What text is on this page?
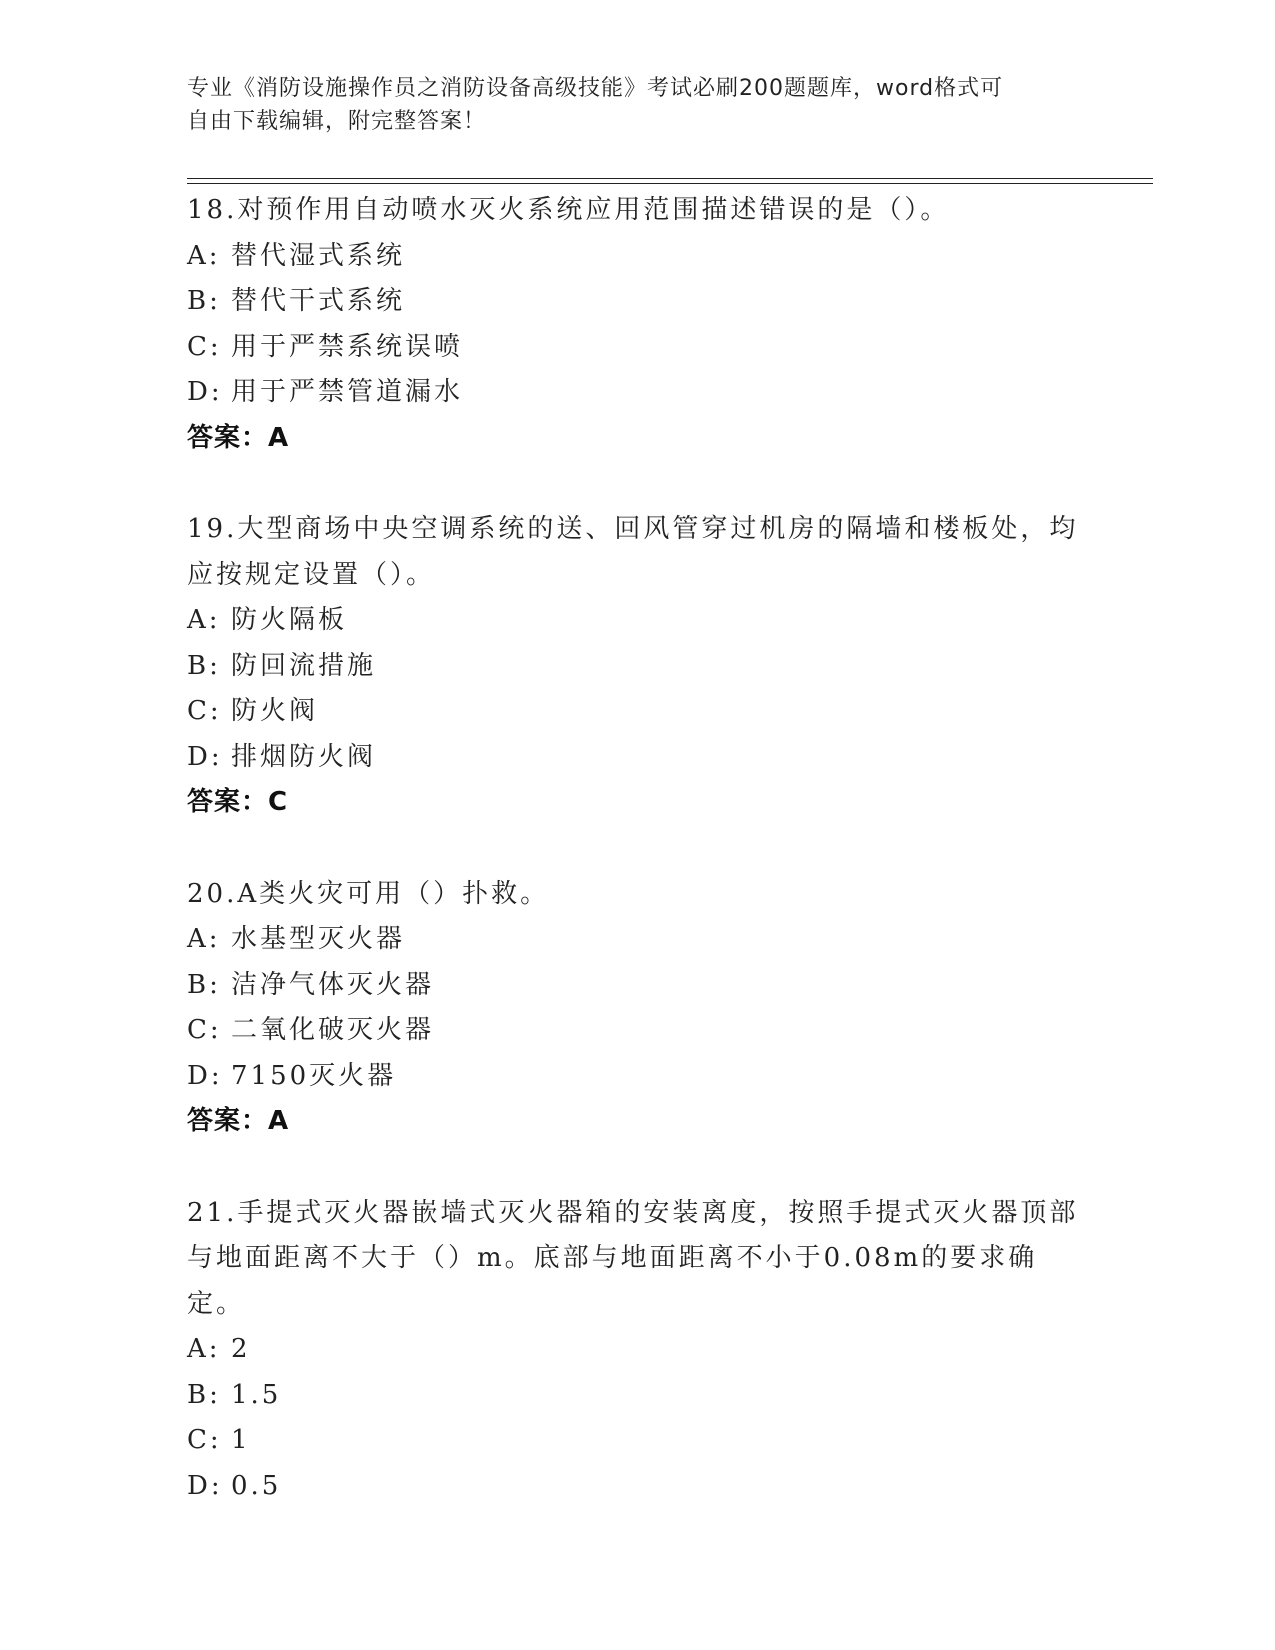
专业《消防设施操作员之消防设备高级技能》考试必刷200题题库，word格式可
自由下载编辑，附完整答案！
18.对预作用自动喷水灭火系统应用范围描述错误的是（）。
A: 替代湿式系统
B: 替代干式系统
C: 用于严禁系统误喷
D: 用于严禁管道漏水
答案：A
19.大型商场中央空调系统的送、回风管穿过机房的隔墙和楼板处，均
应按规定设置（）。
A: 防火隔板
B: 防回流措施
C: 防火阀
D: 排烟防火阀
答案：C
20.A类火灾可用（）扑救。
A: 水基型灭火器
B: 洁净气体灭火器
C: 二氧化破灭火器
D: 7150灭火器
答案：A
21.手提式灭火器嵌墙式灭火器箱的安装离度，按照手提式灭火器顶部
与地面距离不大于（）m。底部与地面距离不小于0.08m的要求确定。
A: 2
B: 1.5
C: 1
D: 0.5
